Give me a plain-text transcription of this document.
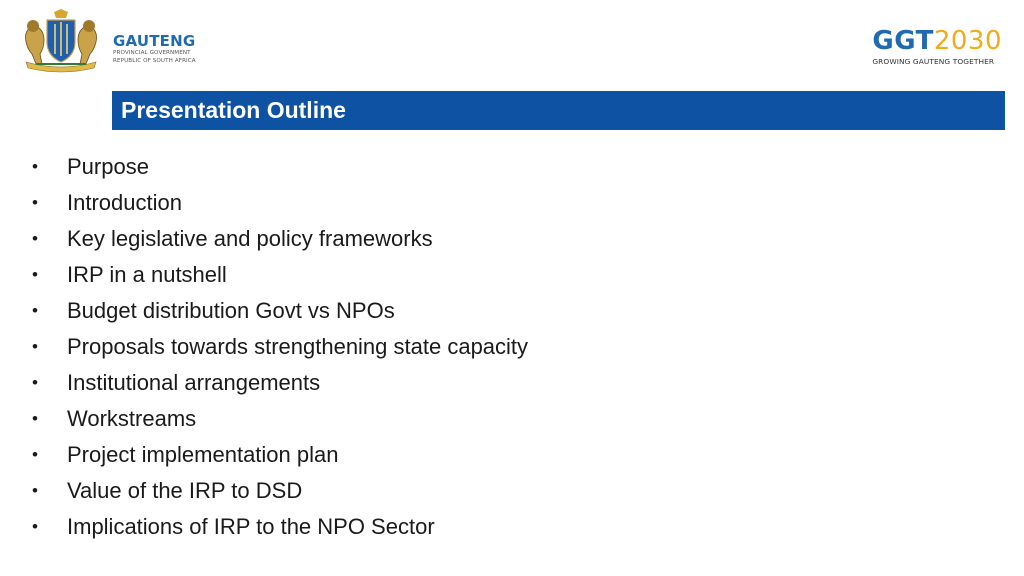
GAUTENG
PROVINCIAL GOVERNMENT
REPUBLIC OF SOUTH AFRICA
GGT2030
GROWING GAUTENG TOGETHER
Presentation Outline
•	Purpose
•	Introduction
•	Key legislative and policy frameworks
•	IRP in a nutshell
•	Budget distribution Govt vs NPOs
•	Proposals towards strengthening state capacity
•	Institutional arrangements
•	Workstreams
•	Project implementation plan
•	Value of the IRP to DSD
•	Implications of IRP to the NPO Sector
